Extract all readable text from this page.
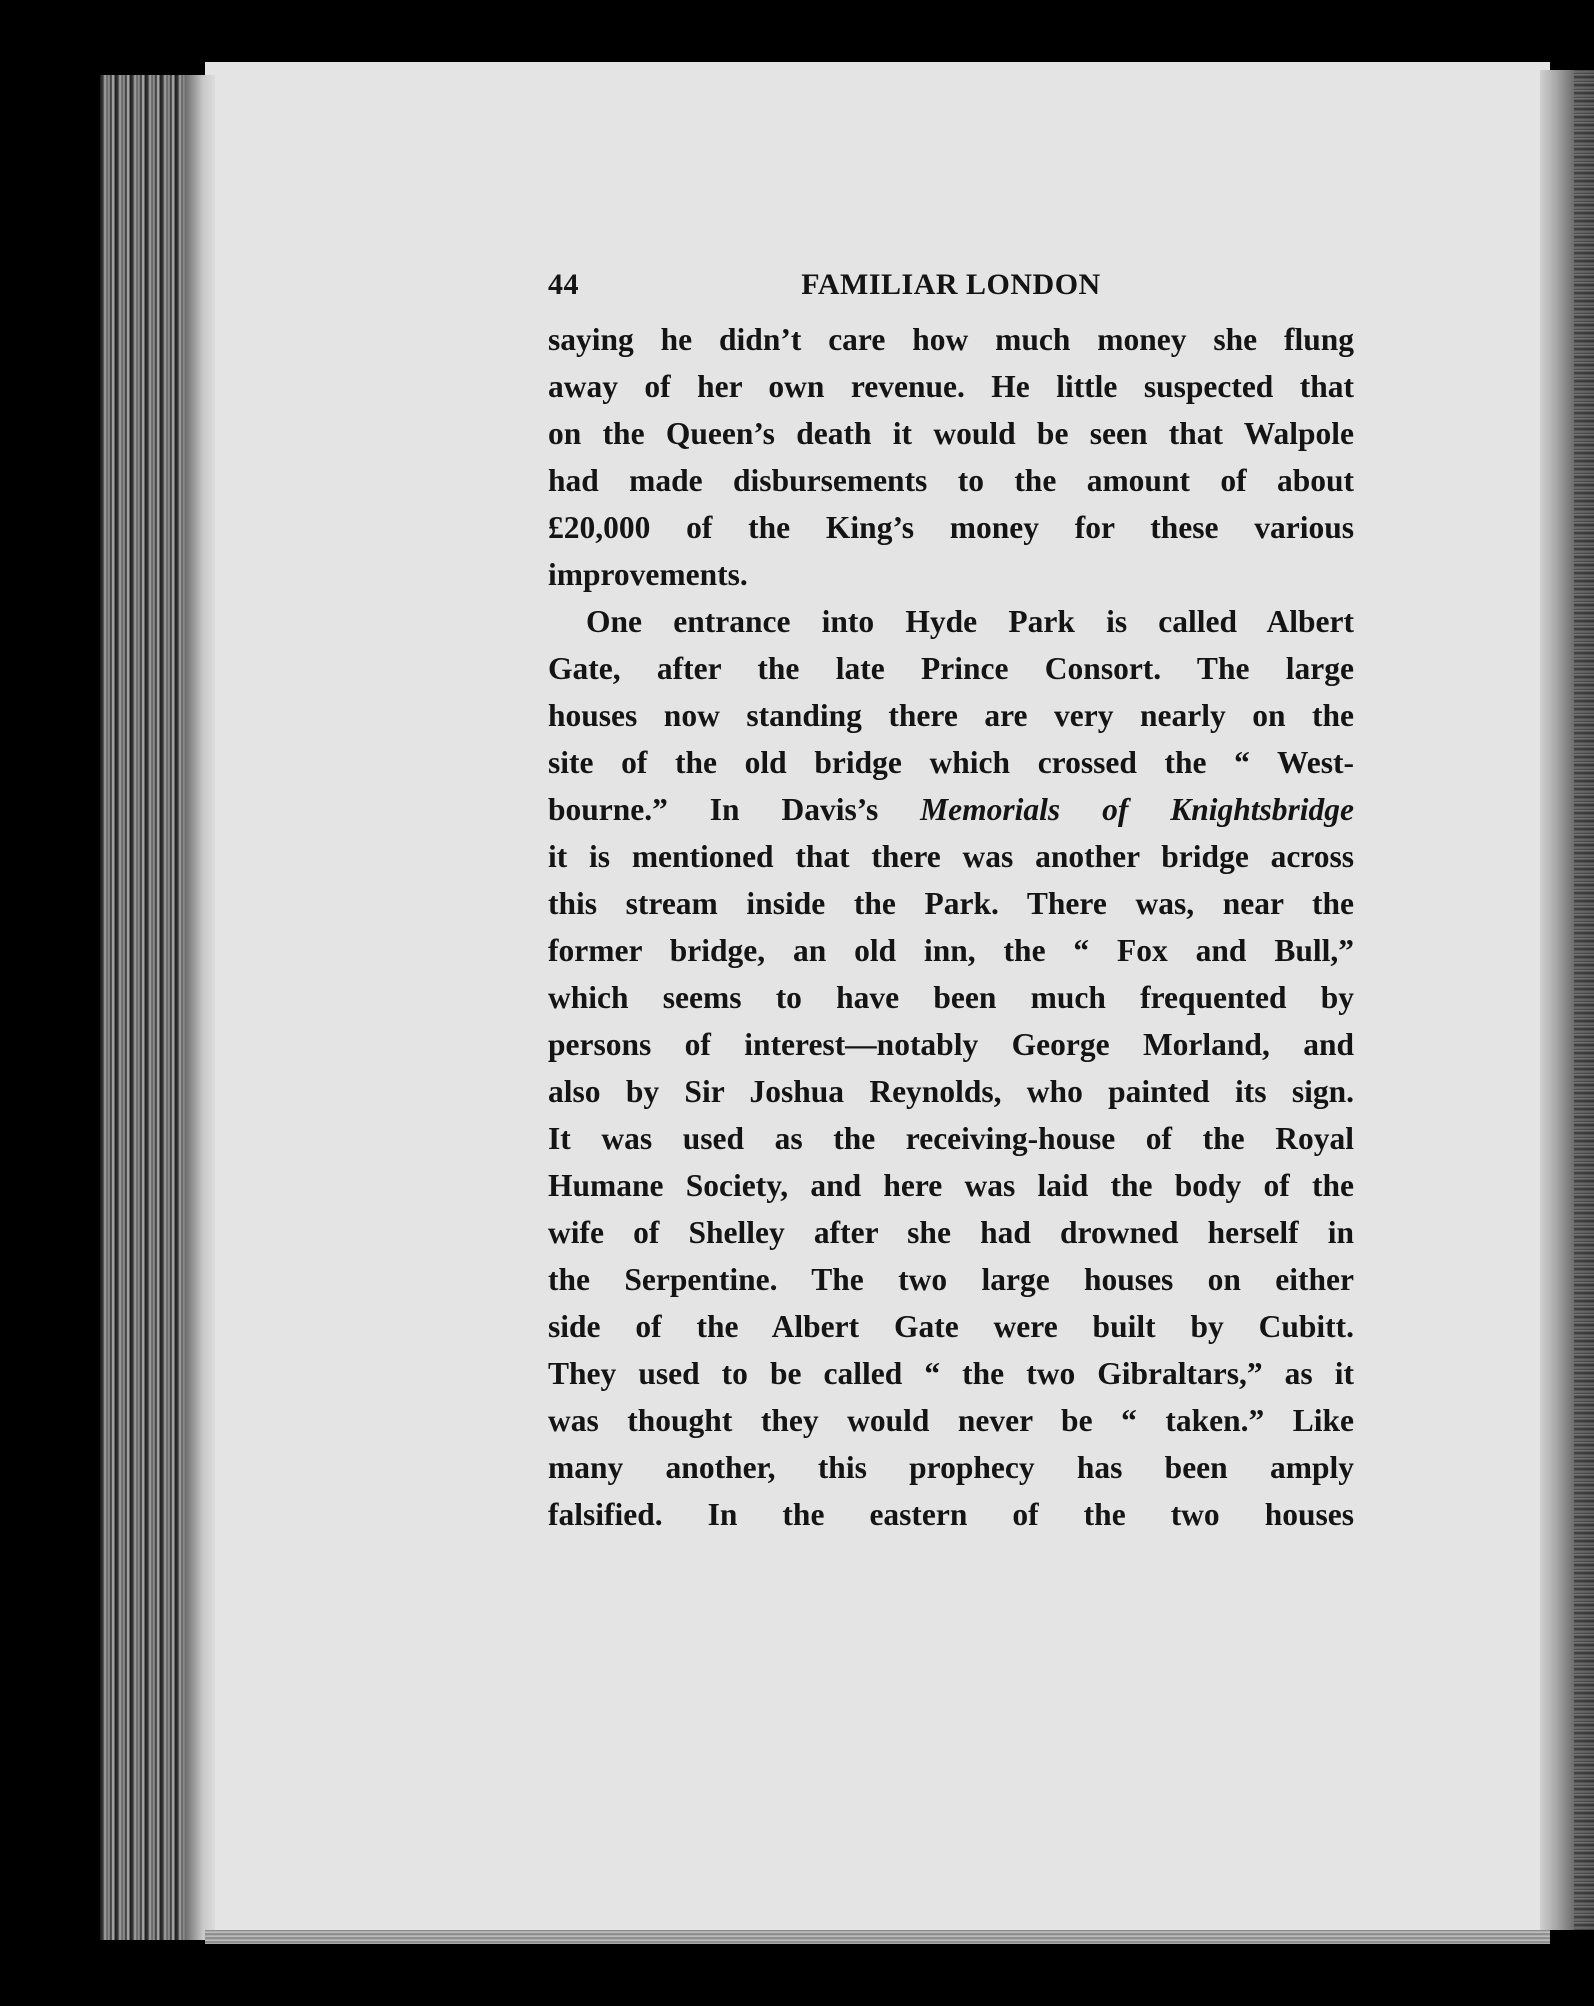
44	FAMILIAR LONDON
saying he didn’t care how much money she flung
away of her own revenue. He little suspected that
on the Queen’s death it would be seen that Walpole
had made disbursements to the amount of about
£20,000 of the King’s money for these various
improvements.
One entrance into Hyde Park is called Albert
Gate, after the late Prince Consort. The large
houses now standing there are very nearly on the
site of the old bridge which crossed the “ West-
bourne.” In Davis’s Memorials of Knightsbridge
it is mentioned that there was another bridge across
this stream inside the Park. There was, near the
former bridge, an old inn, the “ Fox and Bull,”
which seems to have been much frequented by
persons of interest—notably George Morland, and
also by Sir Joshua Reynolds, who painted its sign.
It was used as the receiving-house of the Royal
Humane Society, and here was laid the body of the
wife of Shelley after she had drowned herself in
the Serpentine. The two large houses on either
side of the Albert Gate were built by Cubitt.
They used to be called “ the two Gibraltars,” as it
was thought they would never be “ taken.” Like
many another, this prophecy has been amply
falsified. In the eastern of the two houses
